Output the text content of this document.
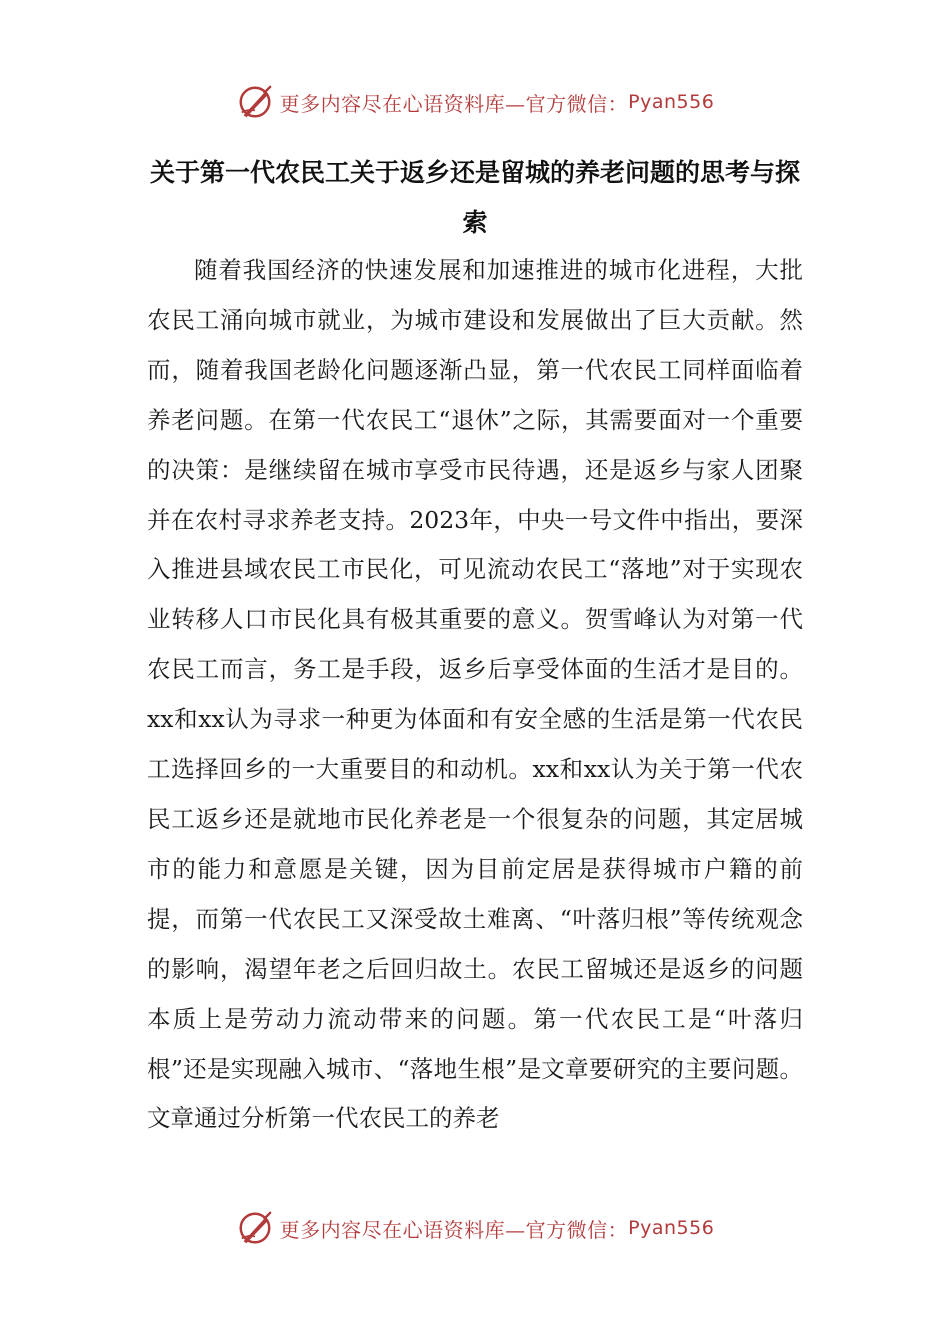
更多内容尽在心语资料库—官方微信： Pyan556
关于第一代农民工关于返乡还是留城的养老问题的思考与探索

随着我国经济的快速发展和加速推进的城市化进程，大批农民工涌向城市就业，为城市建设和发展做出了巨大贡献。然而，随着我国老龄化问题逐渐凸显，第一代农民工同样面临着养老问题。在第一代农民工“退休”之际，其需要面对一个重要的决策：是继续留在城市享受市民待遇，还是返乡与家人团聚并在农村寻求养老支持。2023年，中央一号文件中指出，要深入推进县域农民工市民化，可见流动农民工“落地”对于实现农业转移人口市民化具有极其重要的意义。贺雪峰认为对第一代农民工而言，务工是手段，返乡后享受体面的生活才是目的。xx和xx认为寻求一种更为体面和有安全感的生活是第一代农民工选择回乡的一大重要目的和动机。xx和xx认为关于第一代农民工返乡还是就地市民化养老是一个很复杂的问题，其定居城市的能力和意愿是关键，因为目前定居是获得城市户籍的前提，而第一代农民工又深受故土难离、“叶落归根”等传统观念的影响，渴望年老之后回归故土。农民工留城还是返乡的问题本质上是劳动力流动带来的问题。第一代农民工是“叶落归根”还是实现融入城市、“落地生根”是文章要研究的主要问题。文章通过分析第一代农民工的养老

更多内容尽在心语资料库—官方微信： Pyan556
